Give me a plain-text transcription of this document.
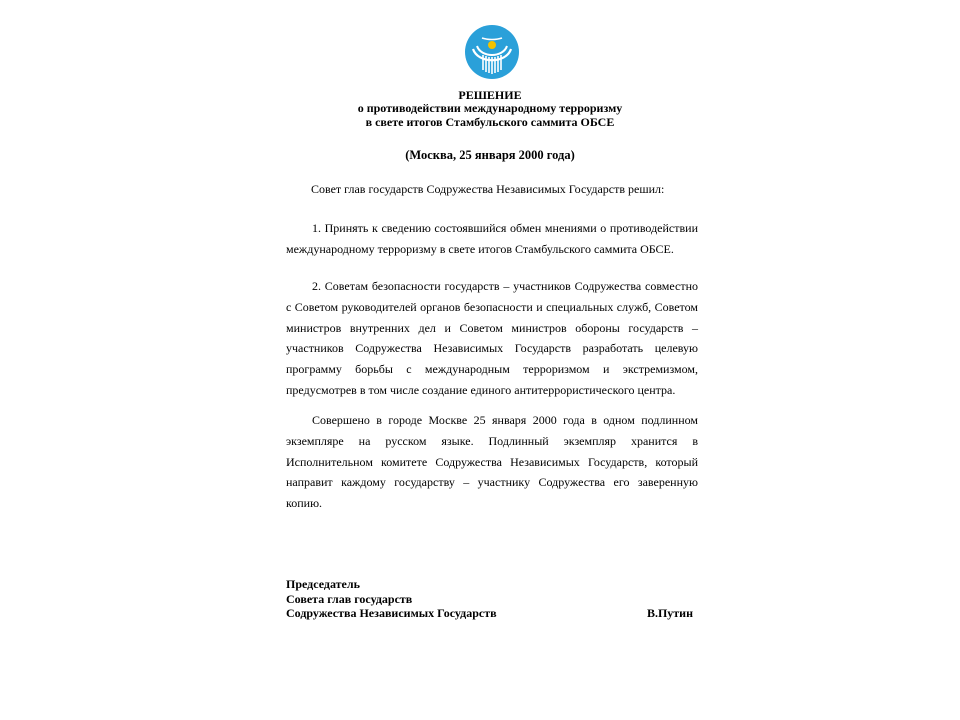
РЕШЕНИЕ
о противодействии международному терроризму
в свете итогов Стамбульского саммита ОБСЕ
(Москва, 25 января 2000 года)
Совет глав государств Содружества Независимых Государств решил:

1. Принять к сведению состоявшийся обмен мнениями о противодействии международному терроризму в свете итогов Стамбульского саммита ОБСЕ.

2. Советам безопасности государств – участников Содружества совместно с Советом руководителей органов безопасности и специальных служб, Советом министров внутренних дел и Советом министров обороны государств – участников Содружества Независимых Государств разработать целевую программу борьбы с международным терроризмом и экстремизмом, предусмотрев в том числе создание единого антитеррористического центра.

Совершено в городе Москве 25 января 2000 года в одном подлинном экземпляре на русском языке. Подлинный экземпляр хранится в Исполнительном комитете Содружества Независимых Государств, который направит каждому государству – участнику Содружества его заверенную копию.

Председатель
Совета глав государств
Содружества Независимых Государств	В.Путин
